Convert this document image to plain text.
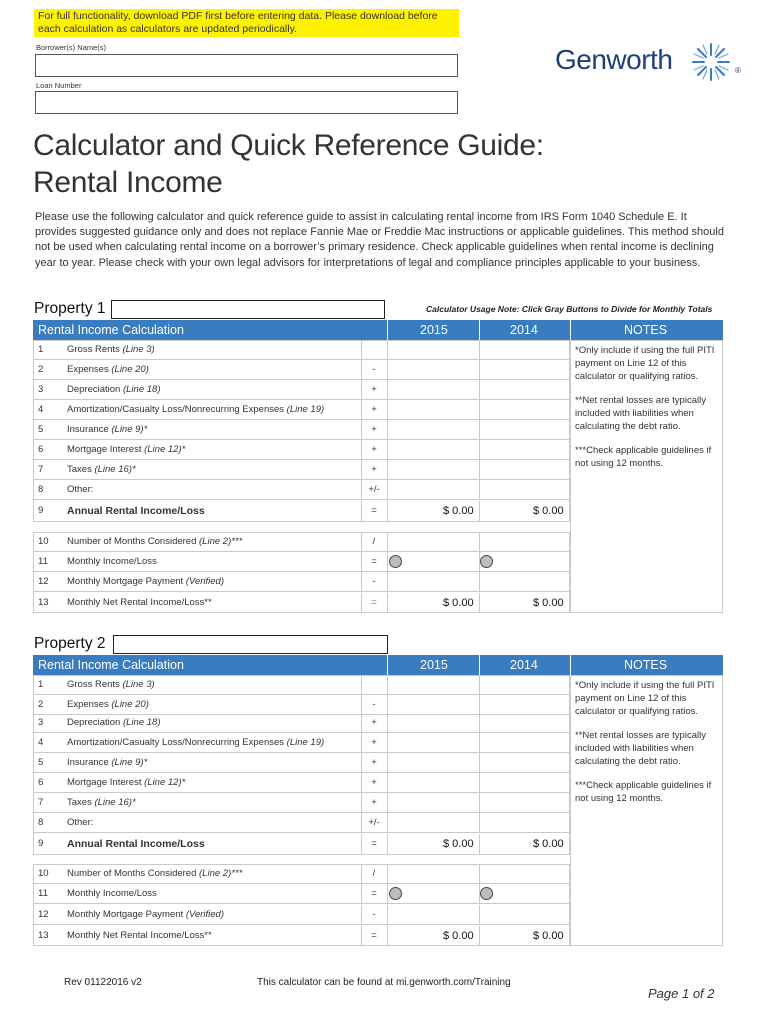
For full functionality, download PDF first before entering data. Please download before each calculation as calculators are updated periodically.
Borrower(s) Name(s)
Loan Number
Genworth	®
Calculator and Quick Reference Guide:
Rental Income
Please use the following calculator and quick reference guide to assist in calculating rental income from IRS Form 1040 Schedule E. It provides suggested guidance only and does not replace Fannie Mae or Freddie Mac instructions or applicable guidelines. This method should not be used when calculating rental income on a borrower’s primary residence. Check applicable guidelines when rental income is declining year to year. Please check with your own legal advisors for interpretations of legal and compliance principles applicable to your business.
Property 1	Calculator Usage Note: Click Gray Buttons to Divide for Monthly Totals
Rental Income Calculation	2015	2014	NOTES
1 Gross Rents (Line 3)
2 Expenses (Line 20)	-
3 Depreciation (Line 18)	+
4 Amortization/Casualty Loss/Nonrecurring Expenses (Line 19)	+
5 Insurance (Line 9)*	+
6 Mortgage Interest (Line 12)*	+
7 Taxes (Line 16)*	+
8 Other:	+/-
9 Annual Rental Income/Loss	=	$ 0.00	$ 0.00
10 Number of Months Considered (Line 2)***	/
11 Monthly Income/Loss	=
12 Monthly Mortgage Payment (Verified)	-
13 Monthly Net Rental Income/Loss**	=	$ 0.00	$ 0.00

*Only include if using the full PITI payment on Line 12 of this calculator or qualifying ratios.

**Net rental losses are typically included with liabilities when calculating the debt ratio.

***Check applicable guidelines if not using 12 months.

Property 2
Rental Income Calculation	2015	2014	NOTES
1 Gross Rents (Line 3)
2 Expenses (Line 20)	-
3 Depreciation (Line 18)	+
4 Amortization/Casualty Loss/Nonrecurring Expenses (Line 19)	+
5 Insurance (Line 9)*	+
6 Mortgage Interest (Line 12)*	+
7 Taxes (Line 16)*	+
8 Other:	+/-
9 Annual Rental Income/Loss	=	$ 0.00	$ 0.00
10 Number of Months Considered (Line 2)***	/
11 Monthly Income/Loss	=
12 Monthly Mortgage Payment (Verified)	-
13 Monthly Net Rental Income/Loss**	=	$ 0.00	$ 0.00

*Only include if using the full PITI payment on Line 12 of this calculator or qualifying ratios.

**Net rental losses are typically included with liabilities when calculating the debt ratio.

***Check applicable guidelines if not using 12 months.

Rev 01122016 v2	This calculator can be found at mi.genworth.com/Training
Page 1 of 2
